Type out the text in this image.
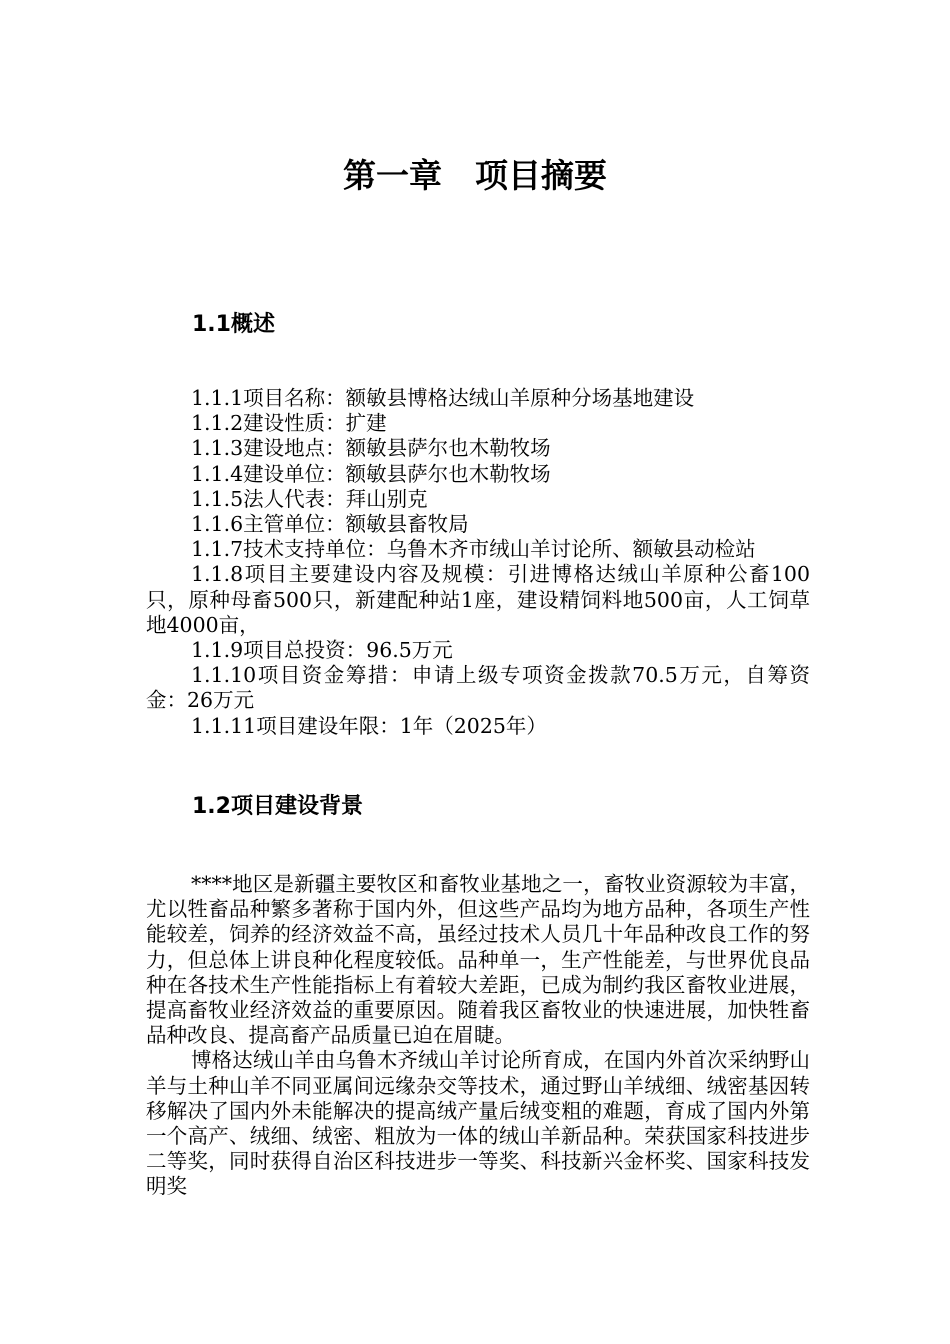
第一章　项目摘要
1.1概述

1.1.1项目名称：额敏县博格达绒山羊原种分场基地建设

1.1.2建设性质：扩建

1.1.3建设地点：额敏县萨尔也木勒牧场

1.1.4建设单位：额敏县萨尔也木勒牧场

1.1.5法人代表：拜山别克

1.1.6主管单位：额敏县畜牧局

1.1.7技术支持单位：乌鲁木齐市绒山羊讨论所、额敏县动检站

1.1.8项目主要建设内容及规模：引进博格达绒山羊原种公畜100只，原种母畜500只，新建配种站1座，建设精饲料地500亩，人工饲草地4000亩，

1.1.9项目总投资：96.5万元

1.1.10项目资金筹措：申请上级专项资金拨款70.5万元，自筹资金：26万元

1.1.11项目建设年限：1年（2025年）

1.2项目建设背景

****地区是新疆主要牧区和畜牧业基地之一，畜牧业资源较为丰富，尤以牲畜品种繁多著称于国内外，但这些产品均为地方品种，各项生产性能较差，饲养的经济效益不高，虽经过技术人员几十年品种改良工作的努力，但总体上讲良种化程度较低。品种单一，生产性能差，与世界优良品种在各技术生产性能指标上有着较大差距，已成为制约我区畜牧业进展，提高畜牧业经济效益的重要原因。随着我区畜牧业的快速进展，加快牲畜品种改良、提高畜产品质量已迫在眉睫。

博格达绒山羊由乌鲁木齐绒山羊讨论所育成，在国内外首次采纳野山羊与土种山羊不同亚属间远缘杂交等技术，通过野山羊绒细、绒密基因转移解决了国内外未能解决的提高绒产量后绒变粗的难题，育成了国内外第一个高产、绒细、绒密、粗放为一体的绒山羊新品种。荣获国家科技进步二等奖，同时获得自治区科技进步一等奖、科技新兴金杯奖、国家科技发明奖
